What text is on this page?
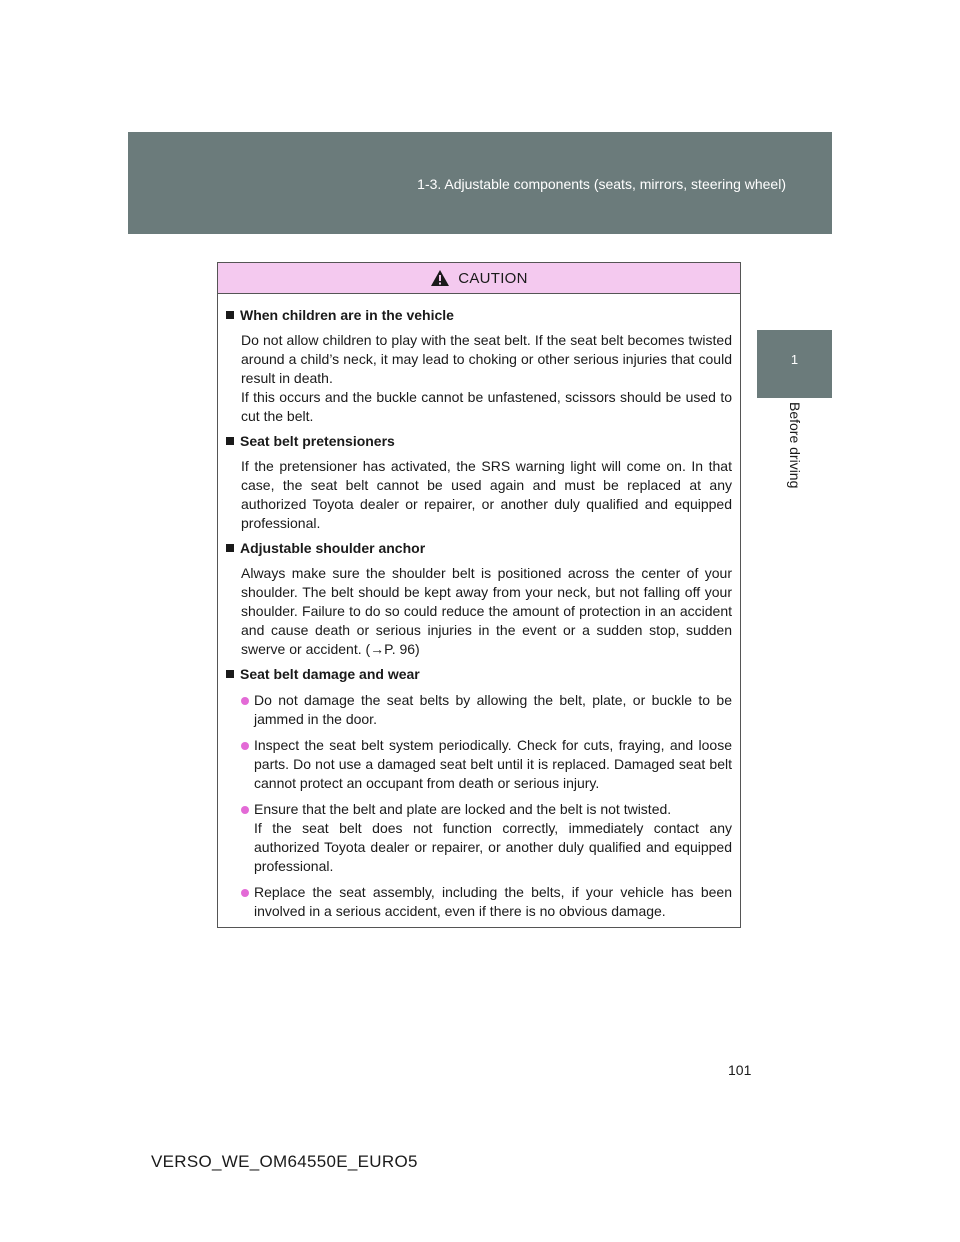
1-3. Adjustable components (seats, mirrors, steering wheel)
1
Before driving
CAUTION
When children are in the vehicle

Do not allow children to play with the seat belt. If the seat belt becomes twisted around a child’s neck, it may lead to choking or other serious injuries that could result in death.

If this occurs and the buckle cannot be unfastened, scissors should be used to cut the belt.

Seat belt pretensioners

If the pretensioner has activated, the SRS warning light will come on. In that case, the seat belt cannot be used again and must be replaced at any authorized Toyota dealer or repairer, or another duly qualified and equipped professional.

Adjustable shoulder anchor

Always make sure the shoulder belt is positioned across the center of your shoulder. The belt should be kept away from your neck, but not falling off your shoulder. Failure to do so could reduce the amount of protection in an accident and cause death or serious injuries in the event or a sudden stop, sudden swerve or accident. (→P. 96)

Seat belt damage and wear

Do not damage the seat belts by allowing the belt, plate, or buckle to be jammed in the door.

Inspect the seat belt system periodically. Check for cuts, fraying, and loose parts. Do not use a damaged seat belt until it is replaced. Damaged seat belt cannot protect an occupant from death or serious injury.

Ensure that the belt and plate are locked and the belt is not twisted.

If the seat belt does not function correctly, immediately contact any authorized Toyota dealer or repairer, or another duly qualified and equipped professional.

Replace the seat assembly, including the belts, if your vehicle has been involved in a serious accident, even if there is no obvious damage.

101
VERSO_WE_OM64550E_EURO5
